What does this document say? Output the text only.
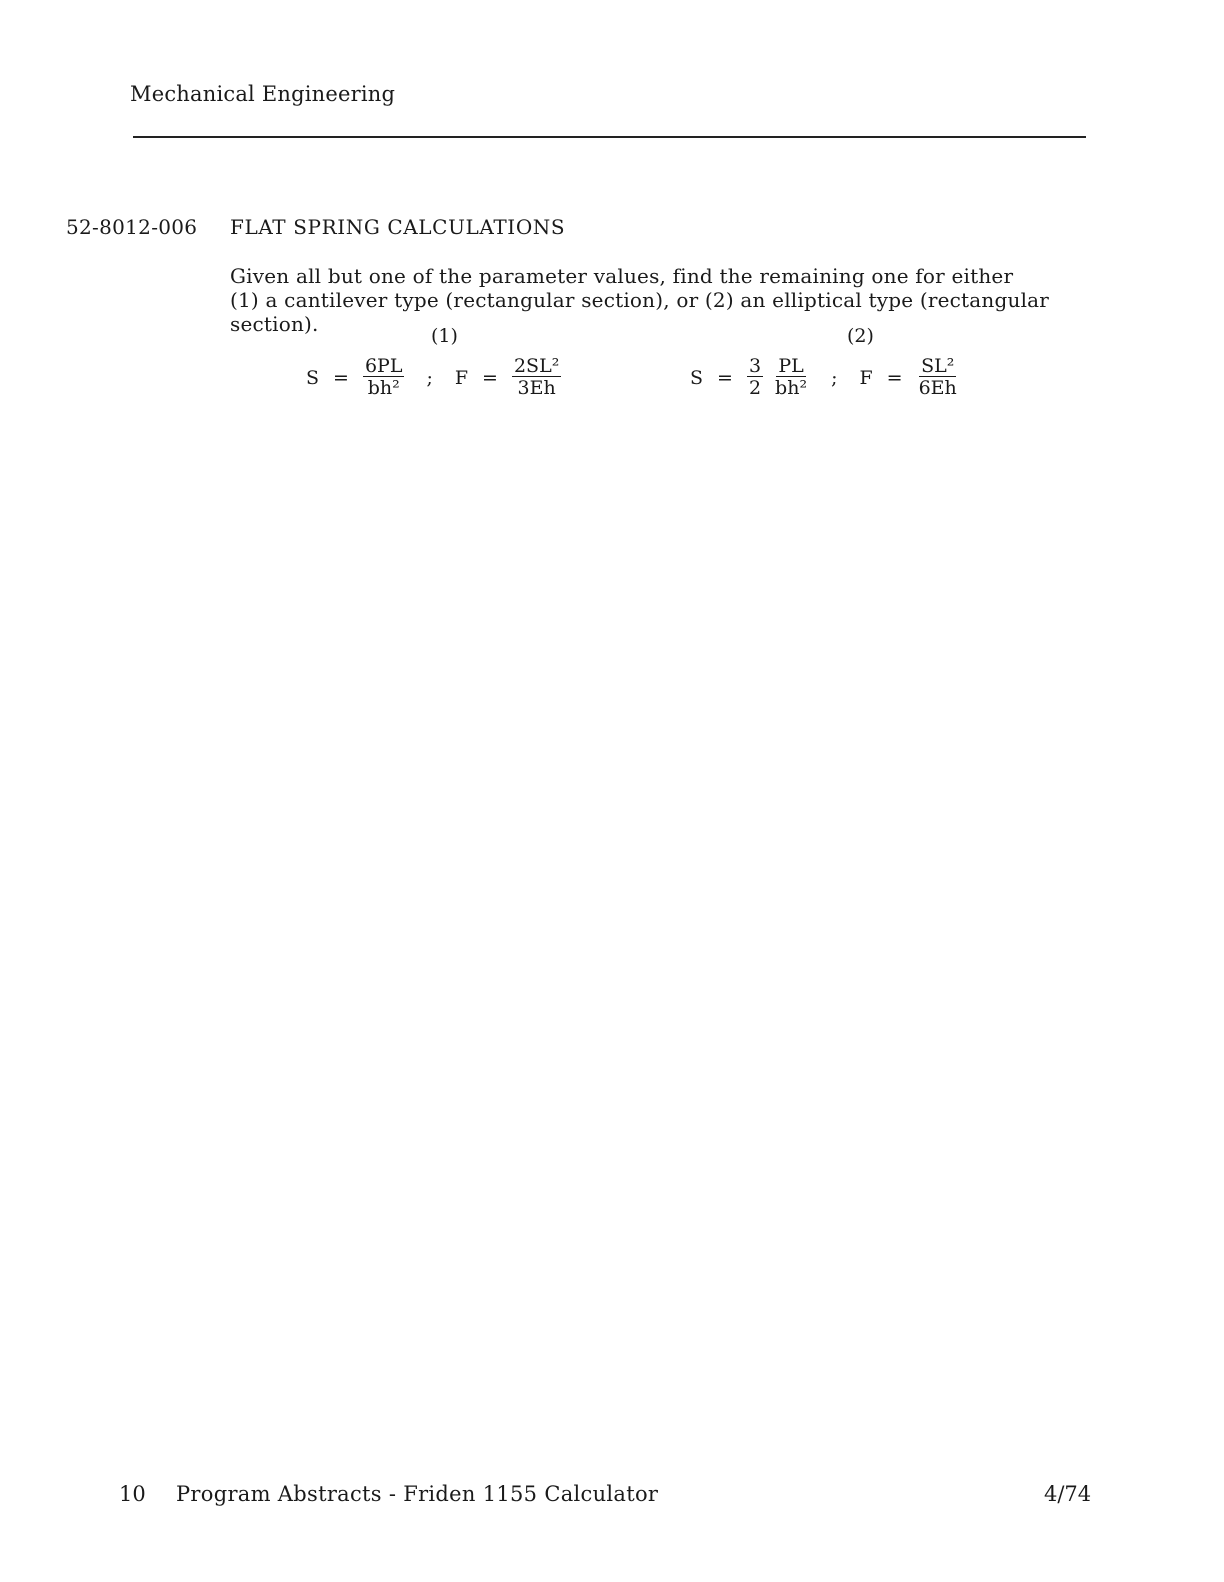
Mechanical Engineering
52-8012-006 FLAT SPRING CALCULATIONS
Given all but one of the parameter values, find the remaining one for either
(1) a cantilever type (rectangular section), or (2) an elliptical type (rectangular
section).	(1)	(2)
$S = \frac{6PL}{\text{bh²}}$ ; $F = \frac{\text{2SL²}}{3Eh}$	$S = \frac{3}{2} \frac{PL}{\text{bh²}}$ ; $F = \frac{\text{SL²}}{6Eh}$
10 Program Abstracts - Friden 1155 Calculator	4/74
